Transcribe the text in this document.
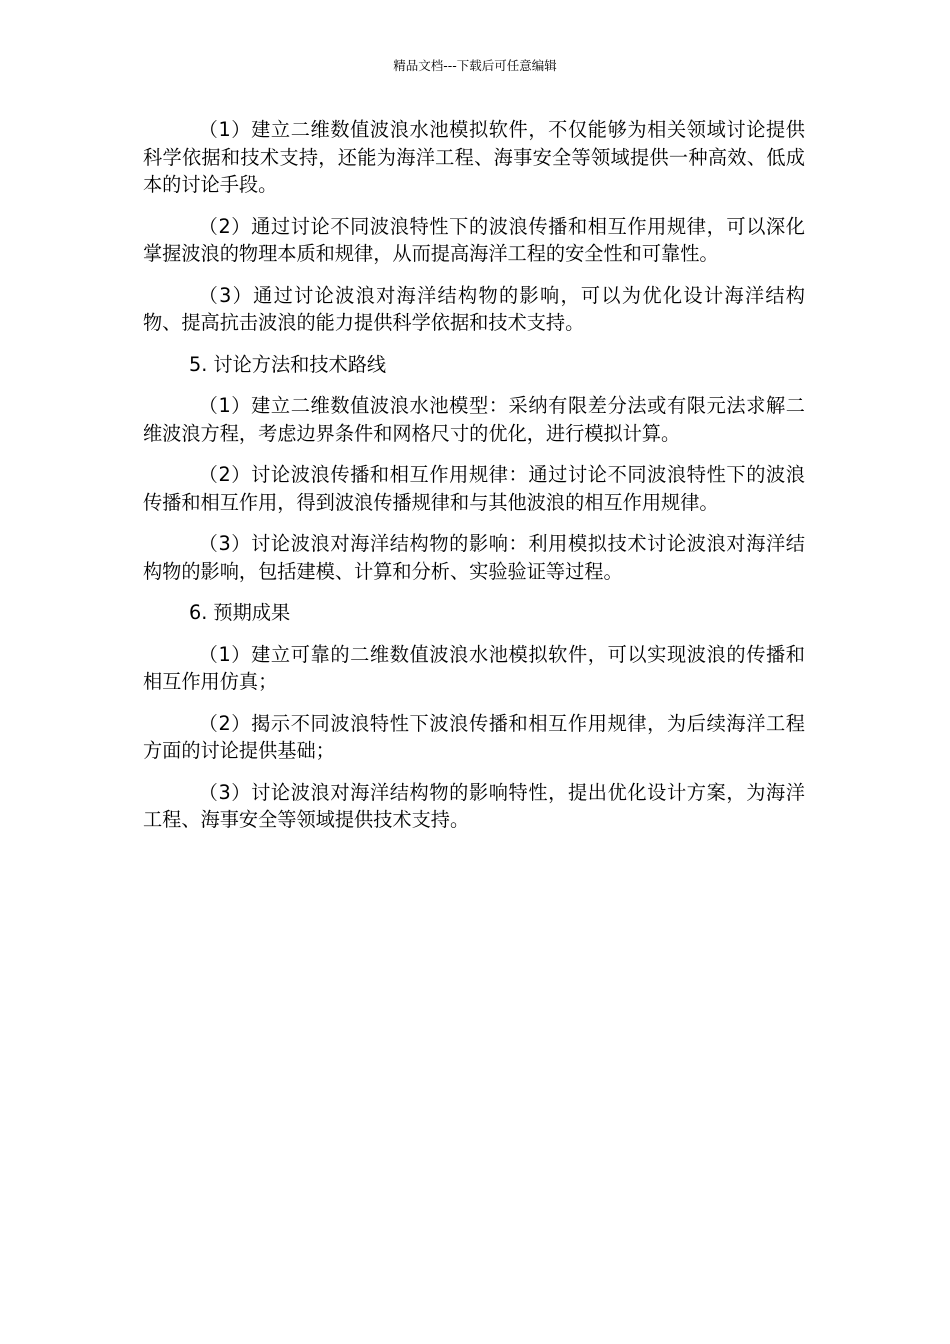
精品文档---下载后可任意编辑

（1）建立二维数值波浪水池模拟软件，不仅能够为相关领域讨论提供科学依据和技术支持，还能为海洋工程、海事安全等领域提供一种高效、低成本的讨论手段。

（2）通过讨论不同波浪特性下的波浪传播和相互作用规律，可以深化掌握波浪的物理本质和规律，从而提高海洋工程的安全性和可靠性。

（3）通过讨论波浪对海洋结构物的影响，可以为优化设计海洋结构物、提高抗击波浪的能力提供科学依据和技术支持。

5. 讨论方法和技术路线

（1）建立二维数值波浪水池模型：采纳有限差分法或有限元法求解二维波浪方程，考虑边界条件和网格尺寸的优化，进行模拟计算。

（2）讨论波浪传播和相互作用规律：通过讨论不同波浪特性下的波浪传播和相互作用，得到波浪传播规律和与其他波浪的相互作用规律。

（3）讨论波浪对海洋结构物的影响：利用模拟技术讨论波浪对海洋结构物的影响，包括建模、计算和分析、实验验证等过程。

6. 预期成果

（1）建立可靠的二维数值波浪水池模拟软件，可以实现波浪的传播和相互作用仿真；

（2）揭示不同波浪特性下波浪传播和相互作用规律，为后续海洋工程方面的讨论提供基础；

（3）讨论波浪对海洋结构物的影响特性，提出优化设计方案，为海洋工程、海事安全等领域提供技术支持。
